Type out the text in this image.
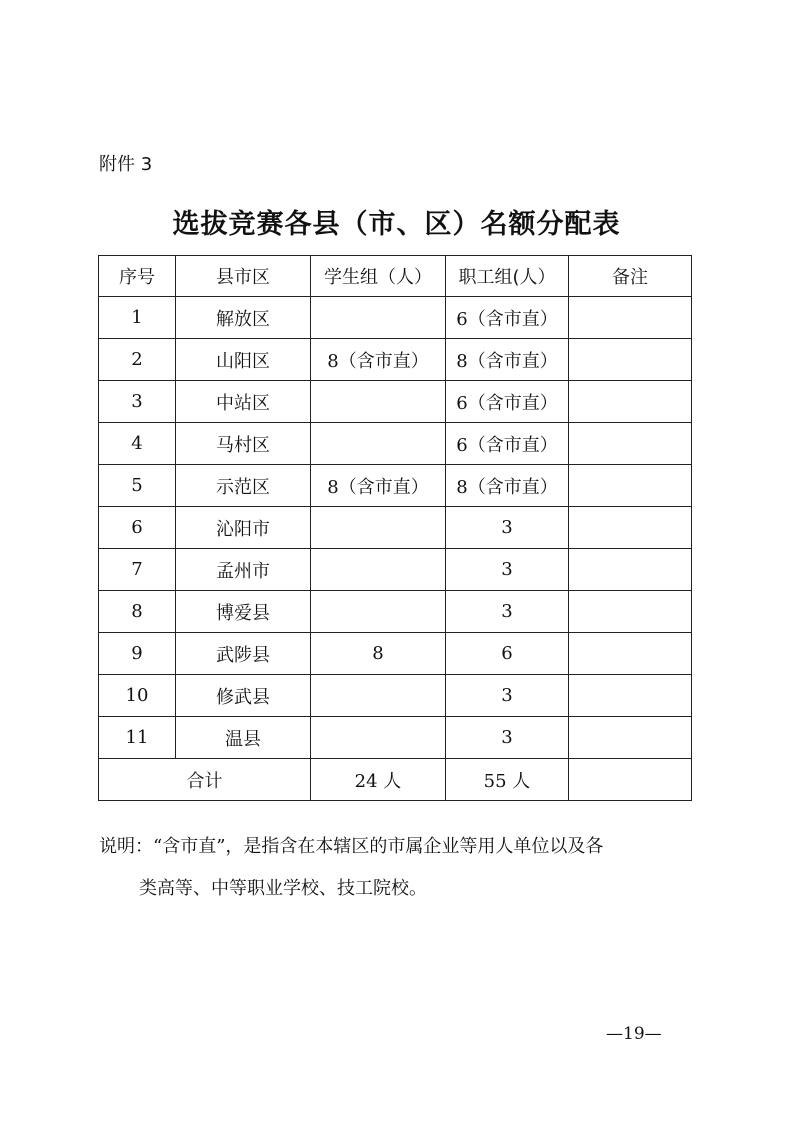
附件 3
选拔竞赛各县（市、区）名额分配表
序号	县市区	学生组（人）	职工组(人）	备注
1	解放区		6（含市直）	
2	山阳区	8（含市直）	8（含市直）	
3	中站区		6（含市直）	
4	马村区		6（含市直）	
5	示范区	8（含市直）	8（含市直）	
6	沁阳市		3	
7	孟州市		3	
8	博爱县		3	
9	武陟县	8	6	
10	修武县		3	
11	温县		3	
合计		24 人	55 人	
说明：“含市直”，是指含在本辖区的市属企业等用人单位以及各
类高等、中等职业学校、技工院校。
—19—
